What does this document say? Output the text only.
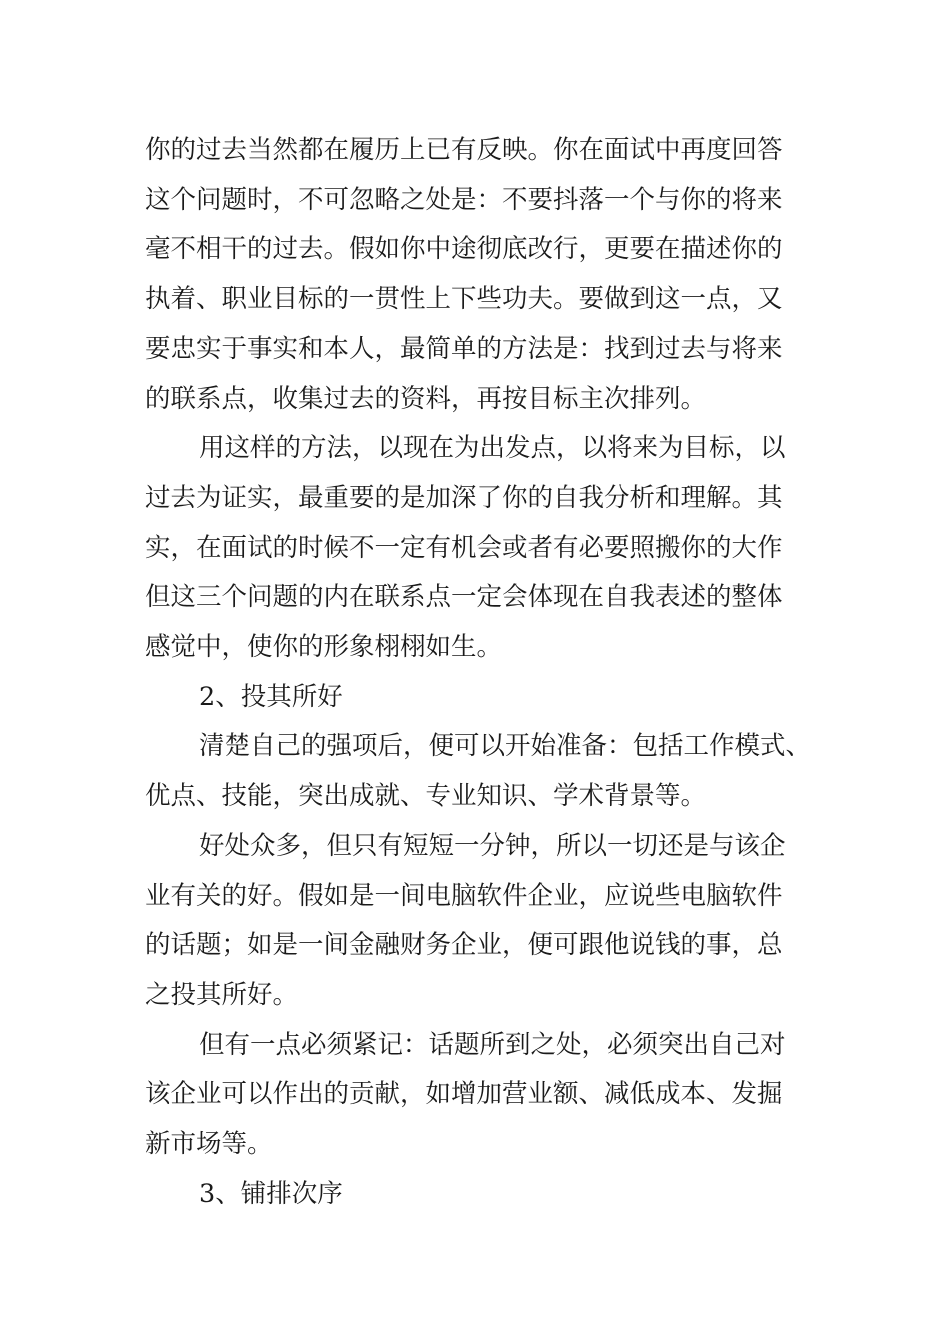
你的过去当然都在履历上已有反映。你在面试中再度回答

这个问题时，不可忽略之处是：不要抖落一个与你的将来

毫不相干的过去。假如你中途彻底改行，更要在描述你的

执着、职业目标的一贯性上下些功夫。要做到这一点，又

要忠实于事实和本人，最简单的方法是：找到过去与将来

的联系点，收集过去的资料，再按目标主次排列。

用这样的方法，以现在为出发点，以将来为目标，以

过去为证实，最重要的是加深了你的自我分析和理解。其

实，在面试的时候不一定有机会或者有必要照搬你的大作

但这三个问题的内在联系点一定会体现在自我表述的整体

感觉中，使你的形象栩栩如生。

2、投其所好

清楚自己的强项后，便可以开始准备：包括工作模式、

优点、技能，突出成就、专业知识、学术背景等。

好处众多，但只有短短一分钟，所以一切还是与该企

业有关的好。假如是一间电脑软件企业，应说些电脑软件

的话题；如是一间金融财务企业，便可跟他说钱的事，总

之投其所好。

但有一点必须紧记：话题所到之处，必须突出自己对

该企业可以作出的贡献，如增加营业额、减低成本、发掘

新市场等。

3、铺排次序
